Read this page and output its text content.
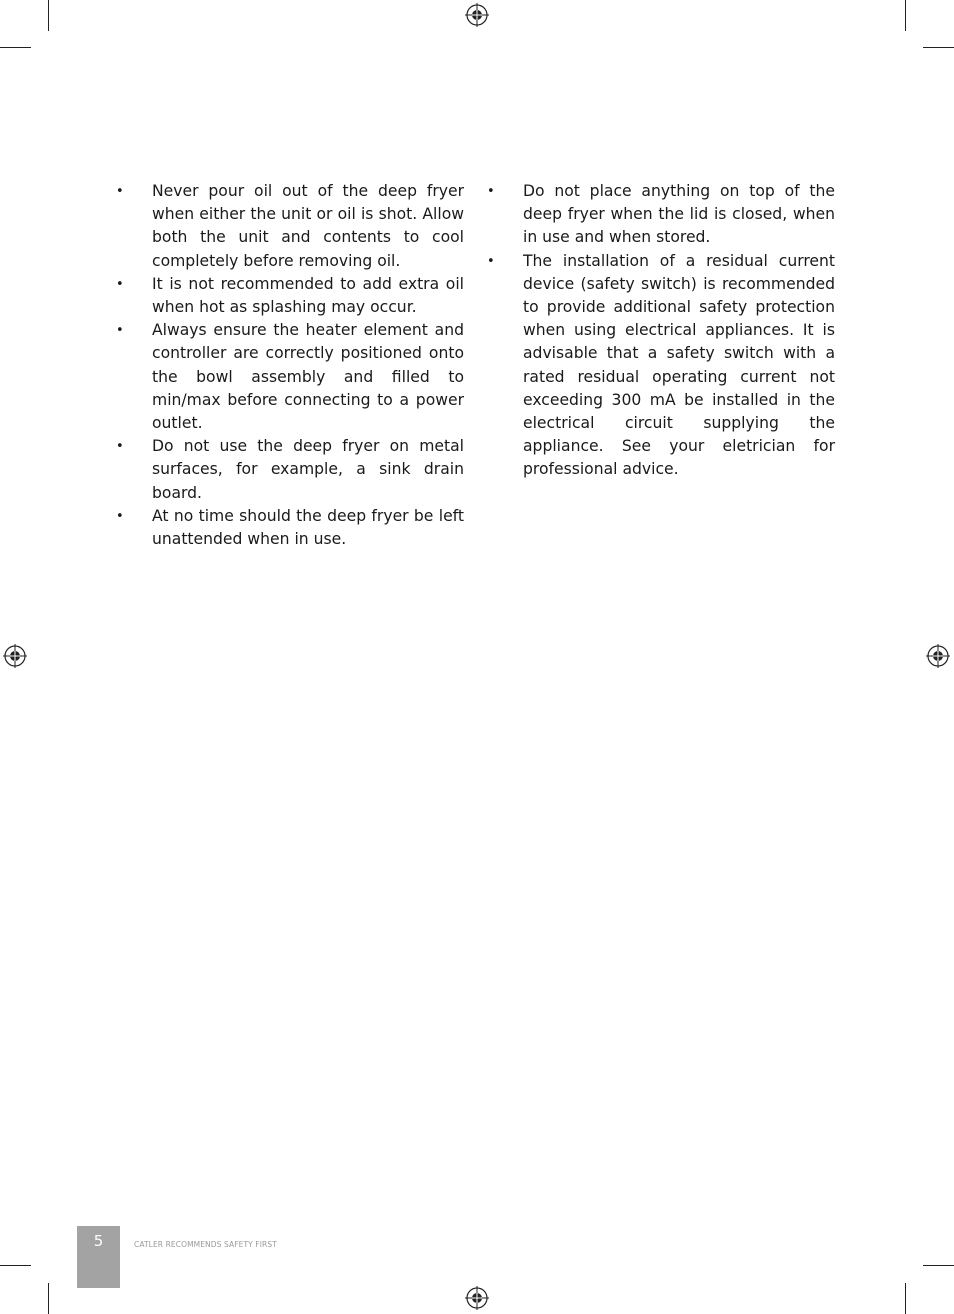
• Never pour oil out of the deep fryer when either the unit or oil is shot. Allow both the unit and contents to cool completely before removing oil.
• It is not recommended to add extra oil when hot as splashing may occur.
• Always ensure the heater element and controller are correctly positioned onto the bowl assembly and filled to min/max before connecting to a power outlet.
• Do not use the deep fryer on metal surfaces, for example, a sink drain board.
• At no time should the deep fryer be left unattended when in use.
• Do not place anything on top of the deep fryer when the lid is closed, when in use and when stored.
• The installation of a residual current device (safety switch) is recommended to provide additional safety protection when using electrical appliances. It is advisable that a safety switch with a rated residual operating current not exceeding 300 mA be installed in the electrical circuit supplying the appliance. See your eletrician for professional advice.
5	CATLER RECOMMENDS SAFETY FIRST
